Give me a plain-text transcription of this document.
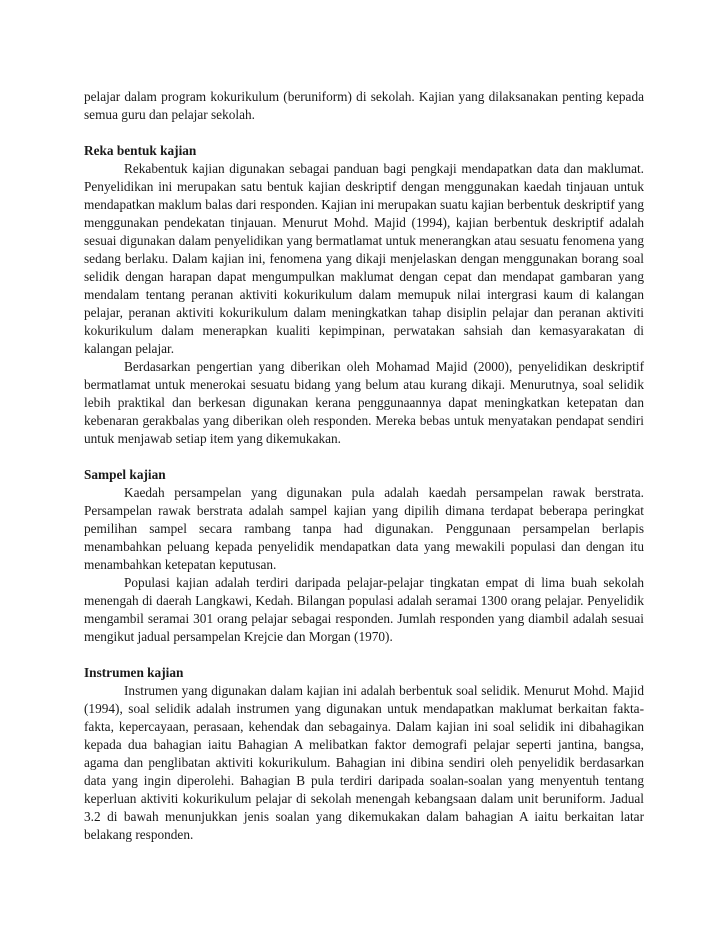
pelajar dalam program kokurikulum (beruniform) di sekolah. Kajian yang dilaksanakan penting kepada semua guru dan pelajar sekolah.

Reka bentuk kajian

Rekabentuk kajian digunakan sebagai panduan bagi pengkaji mendapatkan data dan maklumat. Penyelidikan ini merupakan satu bentuk kajian deskriptif dengan menggunakan kaedah tinjauan untuk mendapatkan maklum balas dari responden. Kajian ini merupakan suatu kajian berbentuk deskriptif yang menggunakan pendekatan tinjauan. Menurut Mohd. Majid (1994), kajian berbentuk deskriptif adalah sesuai digunakan dalam penyelidikan yang bermatlamat untuk menerangkan atau sesuatu fenomena yang sedang berlaku. Dalam kajian ini, fenomena yang dikaji menjelaskan dengan menggunakan borang soal selidik dengan harapan dapat mengumpulkan maklumat dengan cepat dan mendapat gambaran yang mendalam tentang peranan aktiviti kokurikulum dalam memupuk nilai intergrasi kaum di kalangan pelajar, peranan aktiviti kokurikulum dalam meningkatkan tahap disiplin pelajar dan peranan aktiviti kokurikulum dalam menerapkan kualiti kepimpinan, perwatakan sahsiah dan kemasyarakatan di kalangan pelajar.

Berdasarkan pengertian yang diberikan oleh Mohamad Majid (2000), penyelidikan deskriptif bermatlamat untuk menerokai sesuatu bidang yang belum atau kurang dikaji. Menurutnya, soal selidik lebih praktikal dan berkesan digunakan kerana penggunaannya dapat meningkatkan ketepatan dan kebenaran gerakbalas yang diberikan oleh responden. Mereka bebas untuk menyatakan pendapat sendiri untuk menjawab setiap item yang dikemukakan.

Sampel kajian

Kaedah persampelan yang digunakan pula adalah kaedah persampelan rawak berstrata. Persampelan rawak berstrata adalah sampel kajian yang dipilih dimana terdapat beberapa peringkat pemilihan sampel secara rambang tanpa had digunakan. Penggunaan persampelan berlapis menambahkan peluang kepada penyelidik mendapatkan data yang mewakili populasi dan dengan itu menambahkan ketepatan keputusan.

Populasi kajian adalah terdiri daripada pelajar-pelajar tingkatan empat di lima buah sekolah menengah di daerah Langkawi, Kedah. Bilangan populasi adalah seramai 1300 orang pelajar. Penyelidik mengambil seramai 301 orang pelajar sebagai responden. Jumlah responden yang diambil adalah sesuai mengikut jadual persampelan Krejcie dan Morgan (1970).

Instrumen kajian

Instrumen yang digunakan dalam kajian ini adalah berbentuk soal selidik. Menurut Mohd. Majid (1994), soal selidik adalah instrumen yang digunakan untuk mendapatkan maklumat berkaitan fakta-fakta, kepercayaan, perasaan, kehendak dan sebagainya. Dalam kajian ini soal selidik ini dibahagikan kepada dua bahagian iaitu Bahagian A melibatkan faktor demografi pelajar seperti jantina, bangsa, agama dan penglibatan aktiviti kokurikulum. Bahagian ini dibina sendiri oleh penyelidik berdasarkan data yang ingin diperolehi. Bahagian B pula terdiri daripada soalan-soalan yang menyentuh tentang keperluan aktiviti kokurikulum pelajar di sekolah menengah kebangsaan dalam unit beruniform. Jadual 3.2 di bawah menunjukkan jenis soalan yang dikemukakan dalam bahagian A iaitu berkaitan latar belakang responden.
